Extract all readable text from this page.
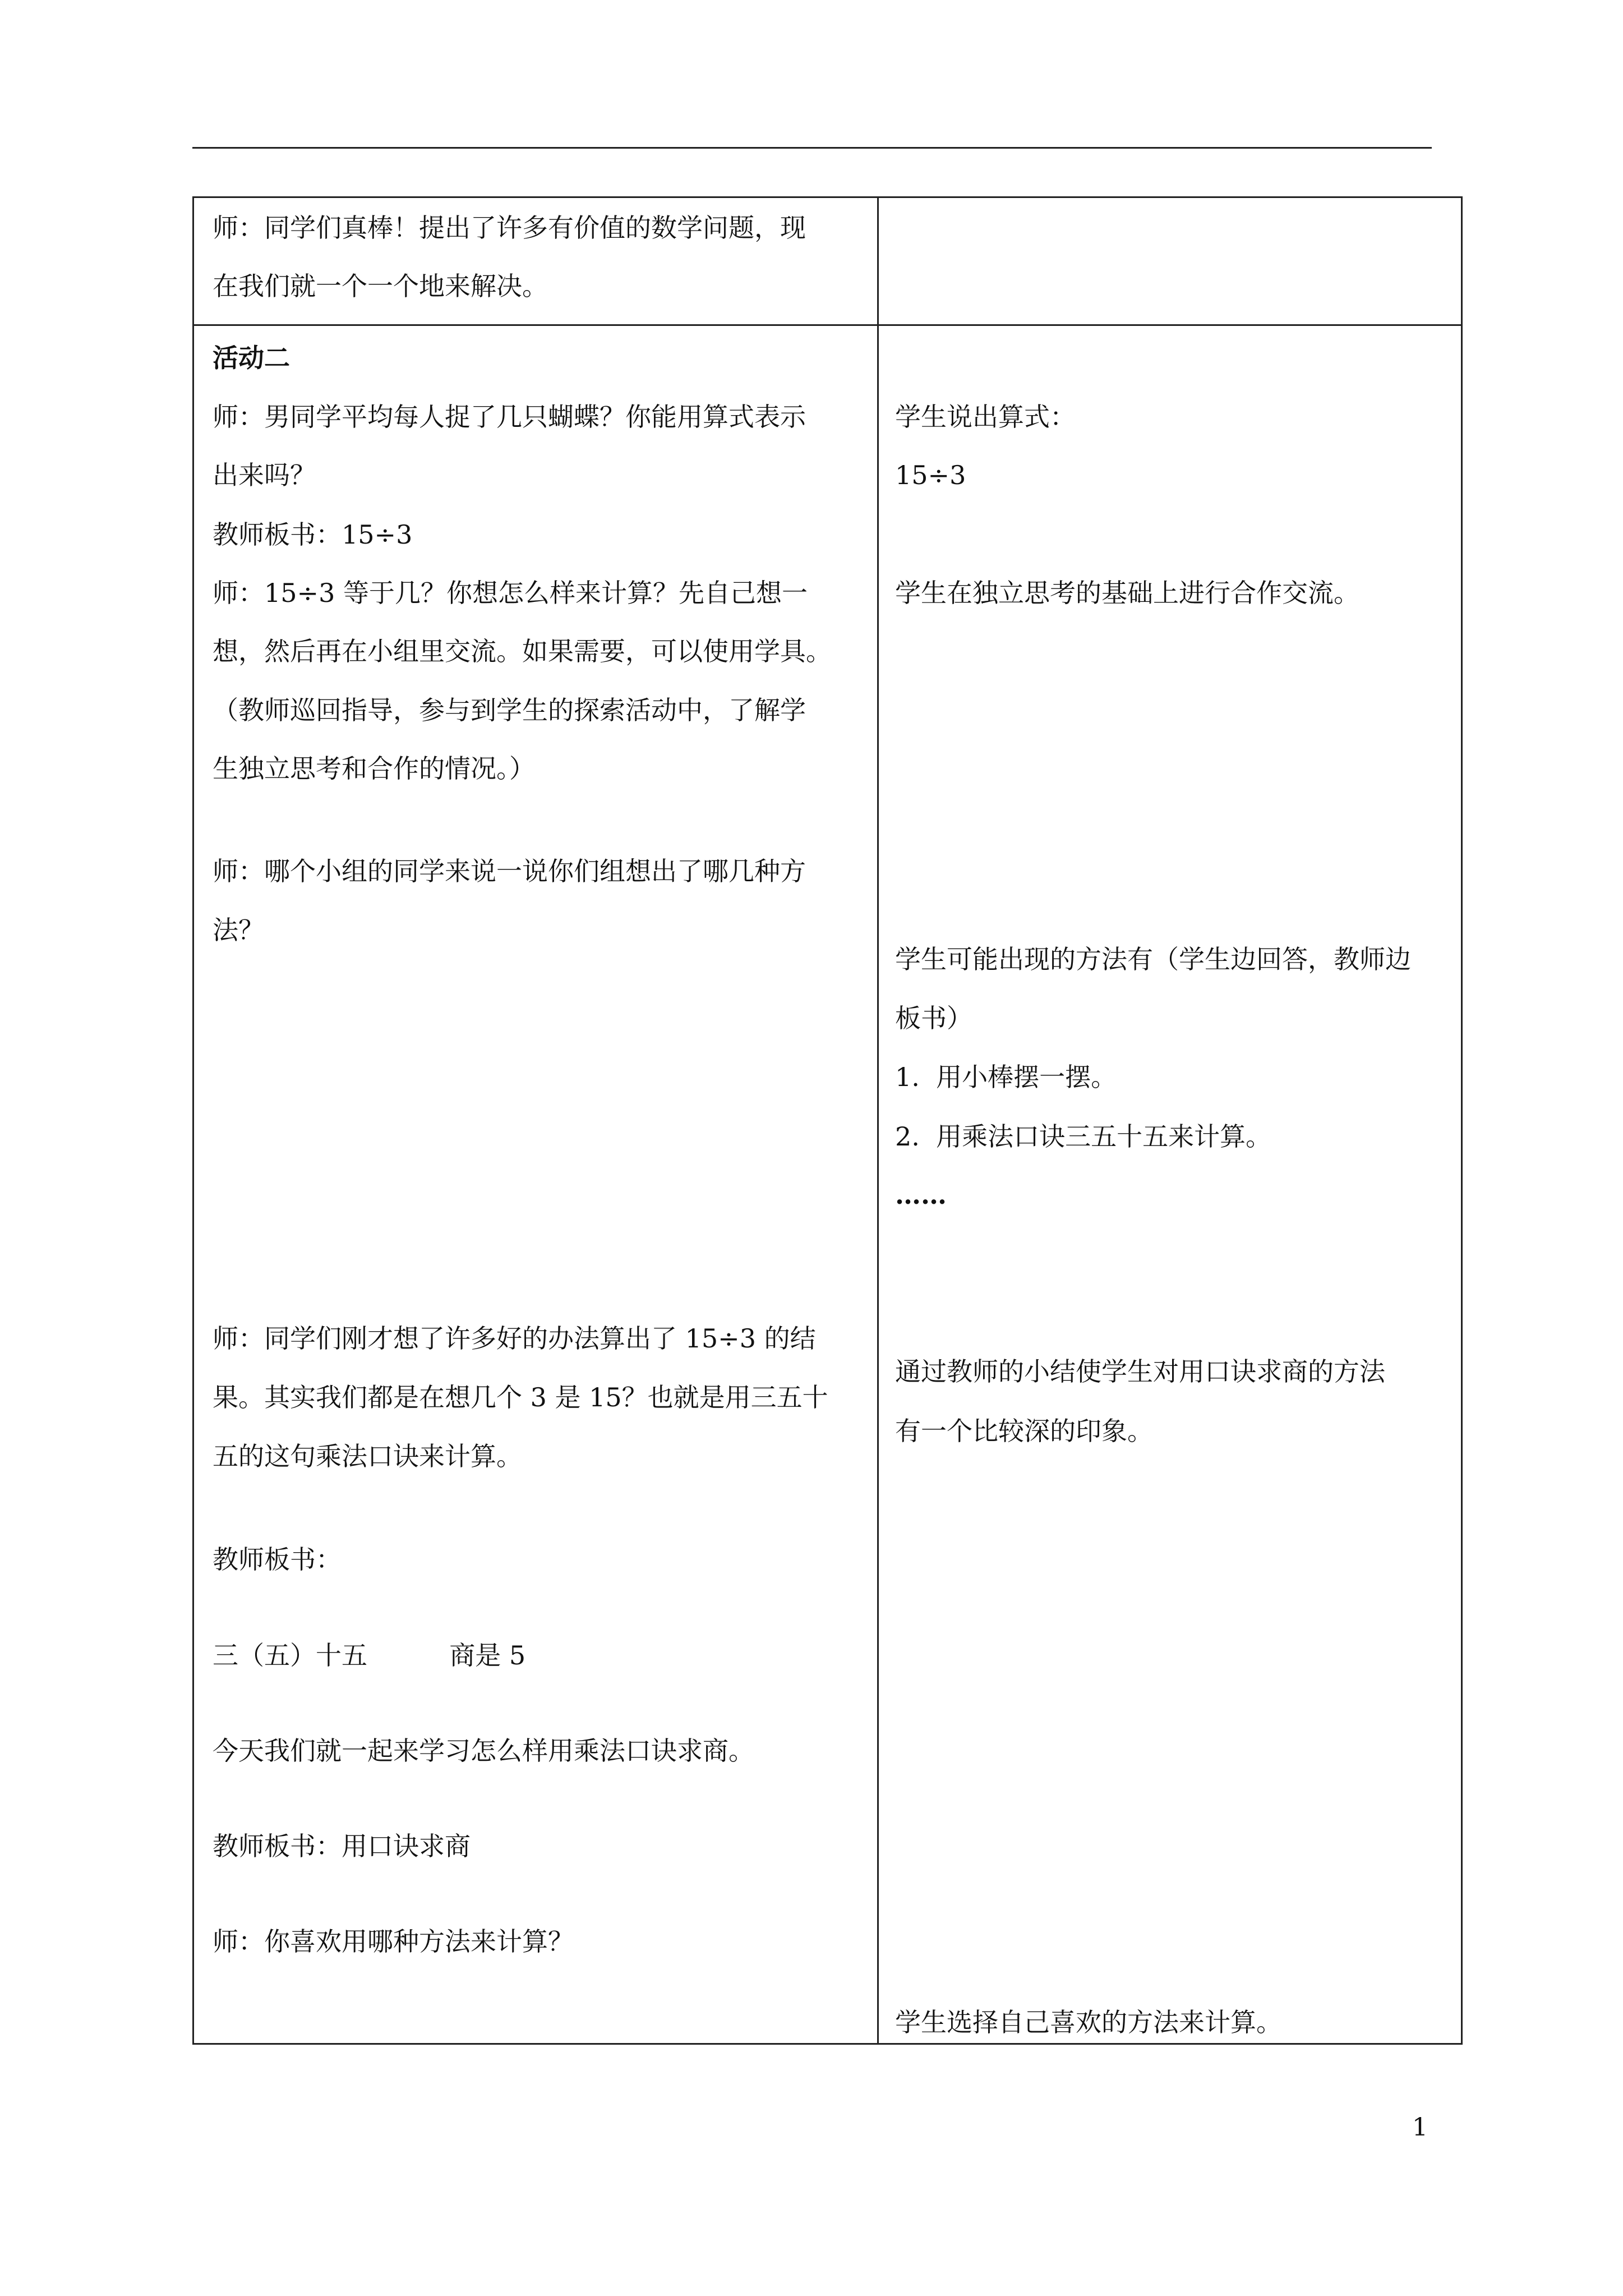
师：同学们真棒！提出了许多有价值的数学问题，现
在我们就一个一个地来解决。
活动二
师：男同学平均每人捉了几只蝴蝶？你能用算式表示
出来吗？
教师板书：15÷3
师：15÷3 等于几？你想怎么样来计算？先自己想一
想，然后再在小组里交流。如果需要，可以使用学具。
（教师巡回指导，参与到学生的探索活动中，了解学
生独立思考和合作的情况。）
师：哪个小组的同学来说一说你们组想出了哪几种方
法？
师：同学们刚才想了许多好的办法算出了 15÷3 的结
果。其实我们都是在想几个 3 是 15？也就是用三五十
五的这句乘法口诀来计算。
教师板书：
三（五）十五          商是 5
今天我们就一起来学习怎么样用乘法口诀求商。
教师板书：用口诀求商
师：你喜欢用哪种方法来计算？
学生说出算式：
15÷3
学生在独立思考的基础上进行合作交流。
学生可能出现的方法有（学生边回答，教师边
板书）
1.  用小棒摆一摆。
2.  用乘法口诀三五十五来计算。
……
通过教师的小结使学生对用口诀求商的方法
有一个比较深的印象。
学生选择自己喜欢的方法来计算。
1
